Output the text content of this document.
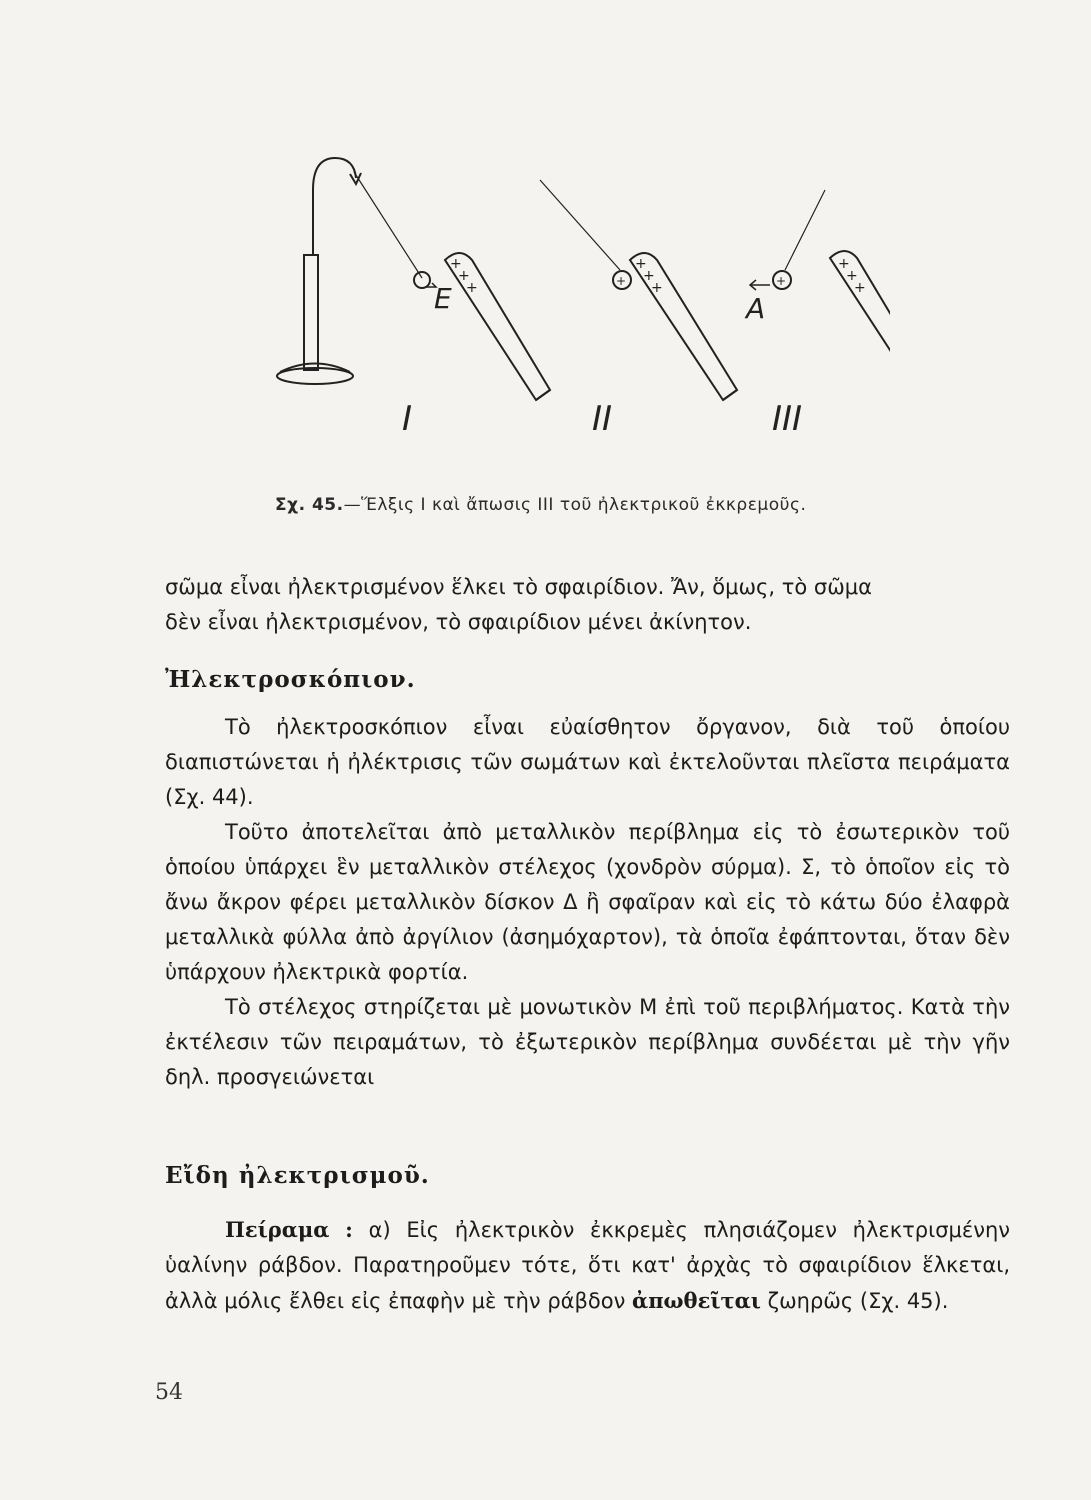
+
+
+
+
+
+
+	+
+
+
+
E	A
I	II	III
Σχ. 45.—Ἕλξις Ι καὶ ἄπωσις ΙΙΙ τοῦ ἠλεκτρικοῦ ἐκκρεμοῦς.

σῶμα εἶναι ἠλεκτρισμένον ἕλκει τὸ σφαιρίδιον. Ἄν, ὅμως, τὸ σῶμα

δὲν εἶναι ἠλεκτρισμένον, τὸ σφαιρίδιον μένει ἀκίνητον.

Ἠλεκτροσκόπιον.

Τὸ ἠλεκτροσκόπιον εἶναι εὐαίσθητον ὄργανον, διὰ τοῦ ὁποίου διαπιστώνεται ἡ ἠλέκτρισις τῶν σωμάτων καὶ ἐκτελοῦνται πλεῖστα πειράματα (Σχ. 44).

Τοῦτο ἀποτελεῖται ἀπὸ μεταλλικὸν περίβλημα εἰς τὸ ἐσωτερικὸν τοῦ ὁποίου ὑπάρχει ἓν μεταλλικὸν στέλεχος (χονδρὸν σύρμα). Σ, τὸ ὁποῖον εἰς τὸ ἄνω ἄκρον φέρει μεταλλικὸν δίσκον Δ ἢ σφαῖραν καὶ εἰς τὸ κάτω δύο ἐλαφρὰ μεταλλικὰ φύλλα ἀπὸ ἀργίλιον (ἀσημόχαρτον), τὰ ὁποῖα ἐφάπτονται, ὅταν δὲν ὑπάρχουν ἠλεκτρικὰ φορτία.

Τὸ στέλεχος στηρίζεται μὲ μονωτικὸν Μ ἐπὶ τοῦ περιβλήματος. Κατὰ τὴν ἐκτέλεσιν τῶν πειραμάτων, τὸ ἐξωτερικὸν περίβλημα συνδέεται μὲ τὴν γῆν δηλ. προσγειώνεται

Εἴδη ἠλεκτρισμοῦ.

Πείραμα : α) Εἰς ἠλεκτρικὸν ἐκκρεμὲς πλησιάζομεν ἠλεκτρισμένην ὑαλίνην ράβδον. Παρατηροῦμεν τότε, ὅτι κατ' ἀρχὰς τὸ σφαιρίδιον ἕλκεται, ἀλλὰ μόλις ἔλθει εἰς ἐπαφὴν μὲ τὴν ράβδον ἀπωθεῖται ζωηρῶς (Σχ. 45).

54
